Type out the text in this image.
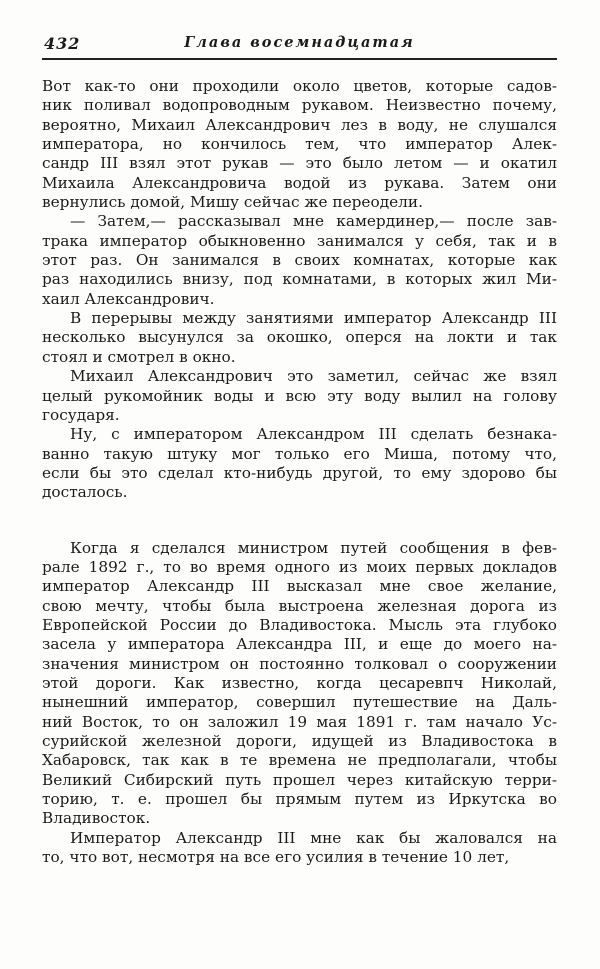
432	Глава восемнадцатая

Вот как-то они проходили около цветов, которые садов-
ник поливал водопроводным рукавом. Неизвестно почему,
вероятно, Михаил Александрович лез в воду, не слушался
императора, но кончилось тем, что император Алек-
сандр III взял этот рукав — это было летом — и окатил
Михаила Александровича водой из рукава. Затем они
вернулись домой, Мишу сейчас же переодели.

— Затем,— рассказывал мне камердинер,— после зав-
трака император обыкновенно занимался у себя, так и в
этот раз. Он занимался в своих комнатах, которые как
раз находились внизу, под комнатами, в которых жил Ми-
хаил Александрович.

В перерывы между занятиями император Александр III
несколько высунулся за окошко, оперся на локти и так
стоял и смотрел в окно.

Михаил Александрович это заметил, сейчас же взял
целый рукомойник воды и всю эту воду вылил на голову
государя.

Ну, с императором Александром III сделать безнака-
ванно такую штуку мог только его Миша, потому что,
если бы это сделал кто-нибудь другой, то ему здорово бы
досталось.

Когда я сделался министром путей сообщения в фев-
рале 1892 г., то во время одного из моих первых докладов
император Александр III высказал мне свое желание,
свою мечту, чтобы была выстроена железная дорога из
Европейской России до Владивостока. Мысль эта глубоко
засела у императора Александра III, и еще до моего на-
значения министром он постоянно толковал о сооружении
этой дороги. Как известно, когда цесаревпч Николай,
нынешний император, совершил путешествие на Даль-
ний Восток, то он заложил 19 мая 1891 г. там начало Ус-
сурийской железной дороги, идущей из Владивостока в
Хабаровск, так как в те времена не предполагали, чтобы
Великий Сибирский путь прошел через китайскую терри-
торию, т. е. прошел бы прямым путем из Иркутска во
Владивосток.

Император Александр III мне как бы жаловался на
то, что вот, несмотря на все его усилия в течение 10 лет,
